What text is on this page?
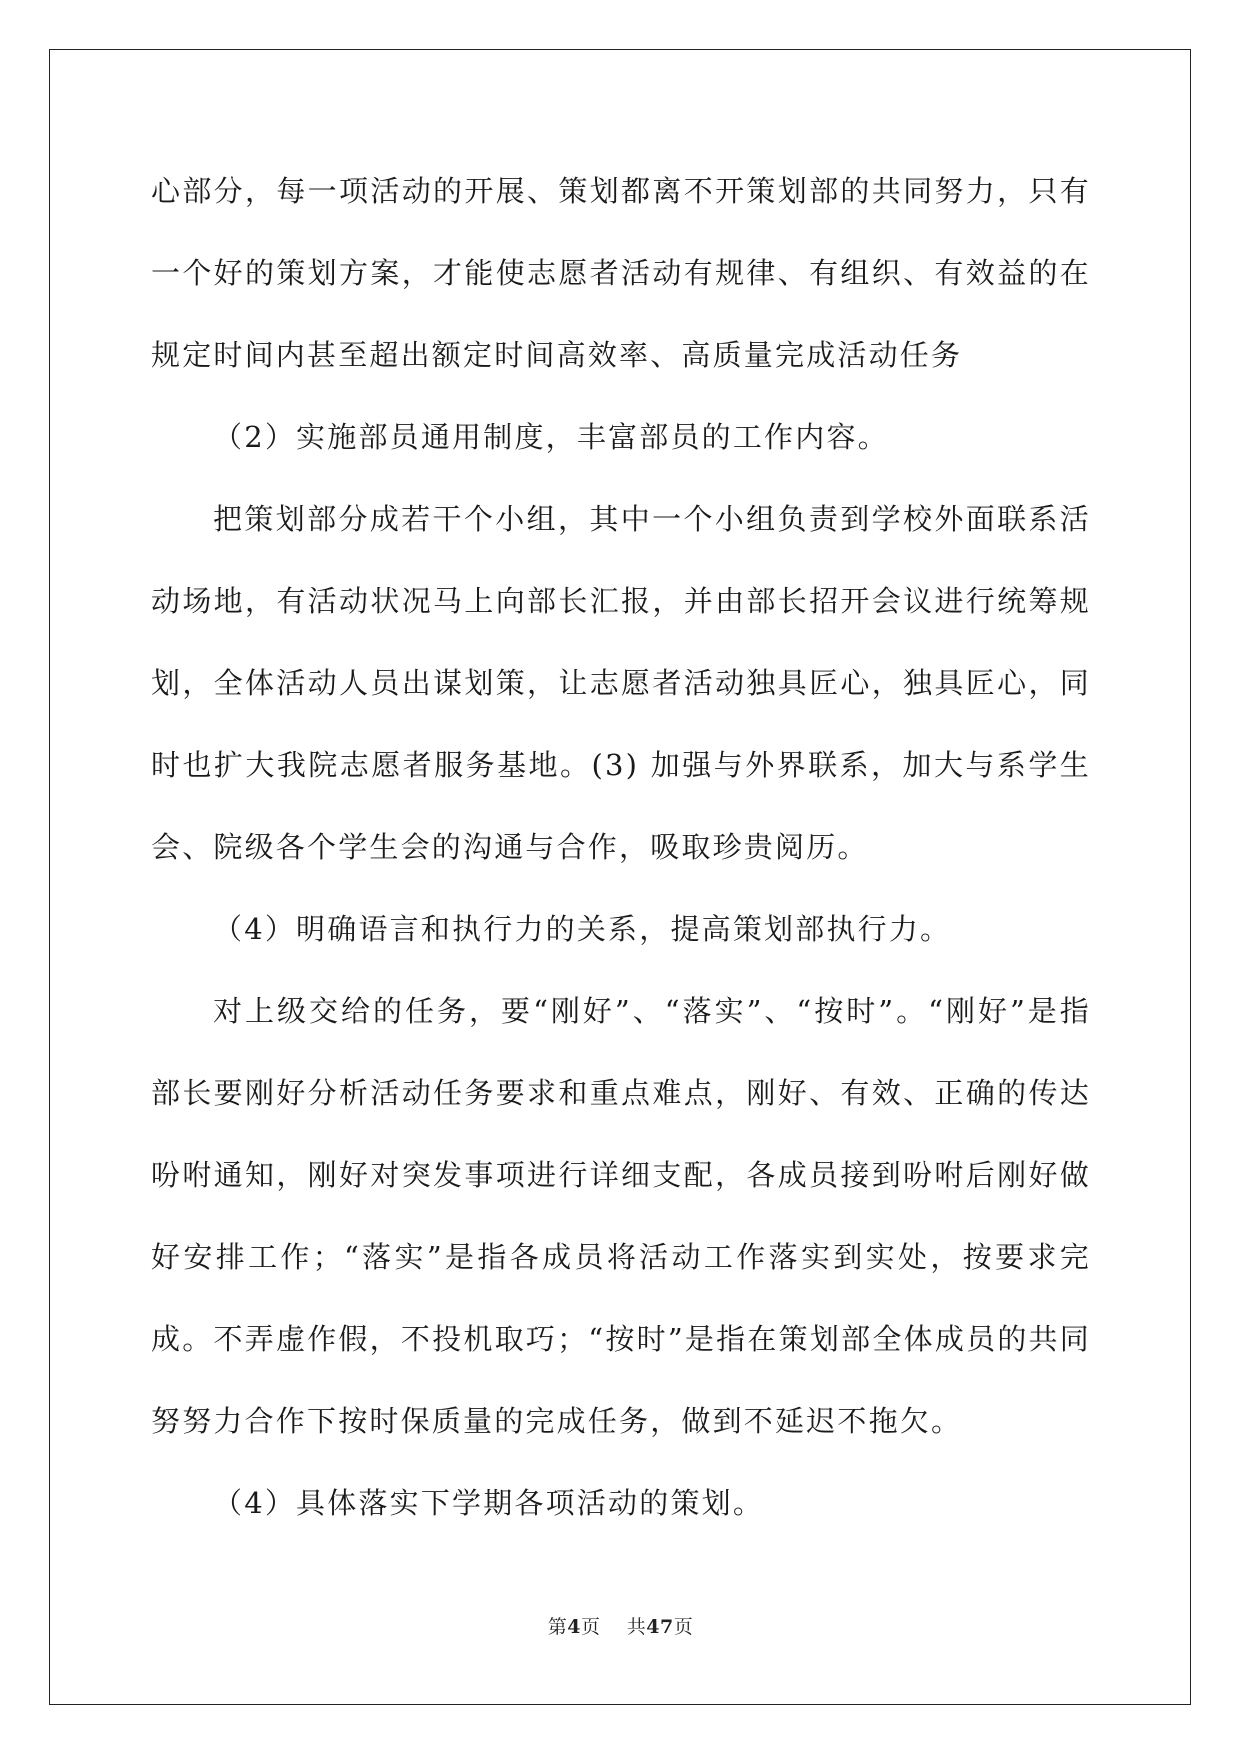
心部分，每一项活动的开展、策划都离不开策划部的共同努力，只有一个好的策划方案，才能使志愿者活动有规律、有组织、有效益的在规定时间内甚至超出额定时间高效率、高质量完成活动任务

（2）实施部员通用制度，丰富部员的工作内容。

把策划部分成若干个小组，其中一个小组负责到学校外面联系活动场地，有活动状况马上向部长汇报，并由部长招开会议进行统筹规划，全体活动人员出谋划策，让志愿者活动独具匠心，独具匠心，同时也扩大我院志愿者服务基地。(3) 加强与外界联系，加大与系学生会、院级各个学生会的沟通与合作，吸取珍贵阅历。

（4）明确语言和执行力的关系，提高策划部执行力。

对上级交给的任务，要“刚好”、“落实”、“按时”。“刚好”是指部长要刚好分析活动任务要求和重点难点，刚好、有效、正确的传达吩咐通知，刚好对突发事项进行详细支配，各成员接到吩咐后刚好做好安排工作；“落实”是指各成员将活动工作落实到实处，按要求完成。不弄虚作假，不投机取巧；“按时”是指在策划部全体成员的共同努努力合作下按时保质量的完成任务，做到不延迟不拖欠。

（4）具体落实下学期各项活动的策划。

第4页 共47页
